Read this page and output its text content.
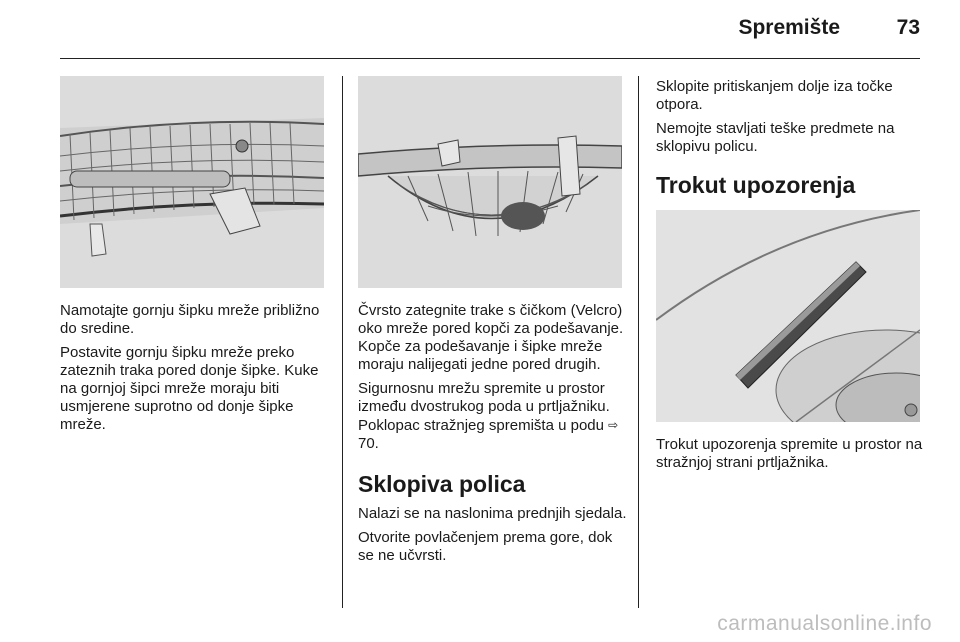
Spremište	73

Namotajte gornju šipku mreže približno do sredine.

Postavite gornju šipku mreže preko zateznih traka pored donje šipke. Kuke na gornjoj šipci mreže moraju biti usmjerene suprotno od donje šipke mreže.

Čvrsto zategnite trake s čičkom (Velcro) oko mreže pored kopči za podešavanje. Kopče za podešavanje i šipke mreže moraju nalijegati jedne pored drugih.

Sigurnosnu mrežu spremite u prostor između dvostrukog poda u prtljažniku. Poklopac stražnjeg spremišta u podu ⇨ 70.

Sklopiva polica

Nalazi se na naslonima prednjih sjedala.

Otvorite povlačenjem prema gore, dok se ne učvrsti.

Sklopite pritiskanjem dolje iza točke otpora.

Nemojte stavljati teške predmete na sklopivu policu.

Trokut upozorenja

Trokut upozorenja spremite u prostor na stražnjoj strani prtljažnika.

carmanualsonline.info
